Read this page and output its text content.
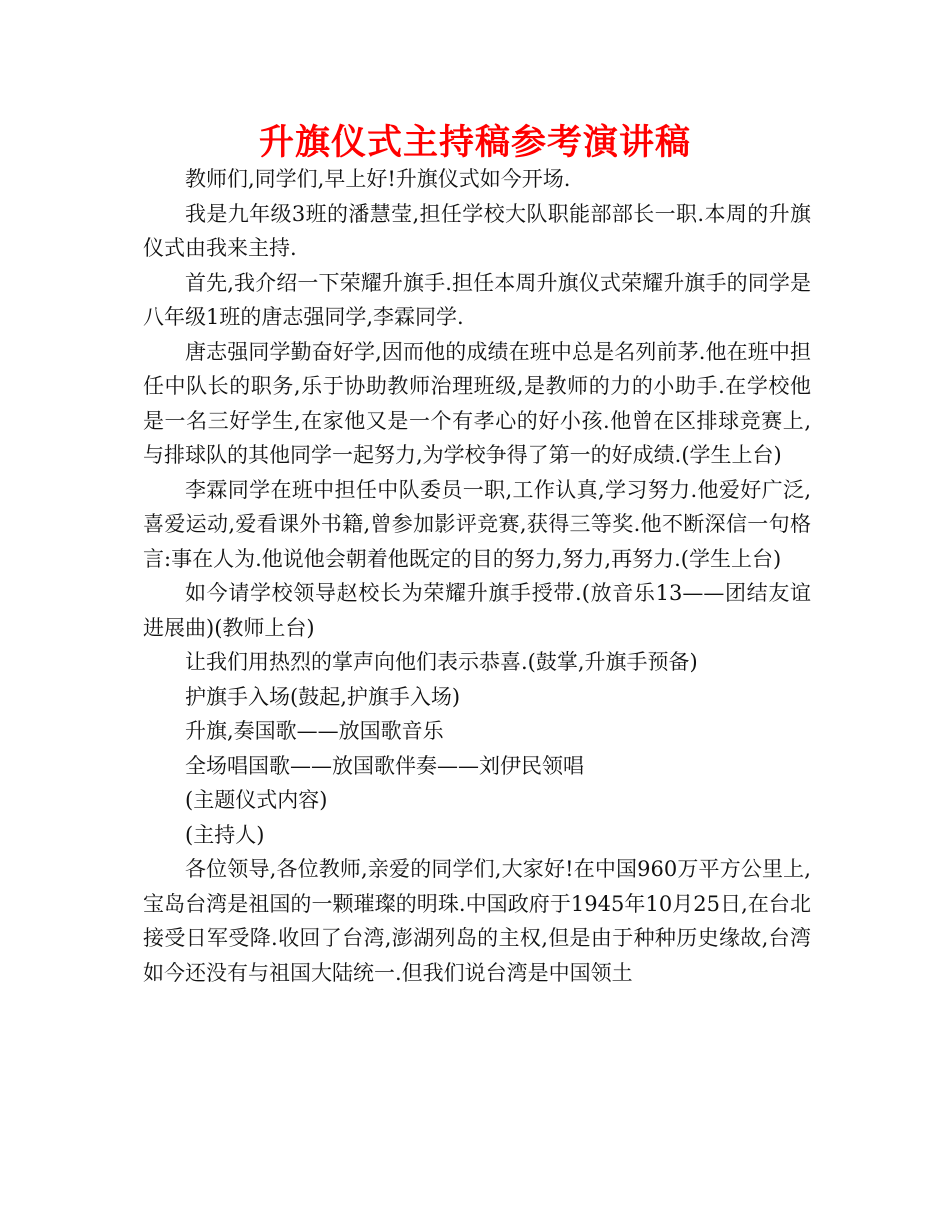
升旗仪式主持稿参考演讲稿

教师们,同学们,早上好!升旗仪式如今开场.

我是九年级3班的潘慧莹,担任学校大队职能部部长一职.本周的升旗仪式由我来主持.

首先,我介绍一下荣耀升旗手.担任本周升旗仪式荣耀升旗手的同学是八年级1班的唐志强同学,李霖同学.

唐志强同学勤奋好学,因而他的成绩在班中总是名列前茅.他在班中担任中队长的职务,乐于协助教师治理班级,是教师的力的小助手.在学校他是一名三好学生,在家他又是一个有孝心的好小孩.他曾在区排球竞赛上,与排球队的其他同学一起努力,为学校争得了第一的好成绩.(学生上台)

李霖同学在班中担任中队委员一职,工作认真,学习努力.他爱好广泛,喜爱运动,爱看课外书籍,曾参加影评竞赛,获得三等奖.他不断深信一句格言:事在人为.他说他会朝着他既定的目的努力,努力,再努力.(学生上台)

如今请学校领导赵校长为荣耀升旗手授带.(放音乐13——团结友谊进展曲)(教师上台)

让我们用热烈的掌声向他们表示恭喜.(鼓掌,升旗手预备)

护旗手入场(鼓起,护旗手入场)

升旗,奏国歌——放国歌音乐

全场唱国歌——放国歌伴奏——刘伊民领唱

(主题仪式内容)

(主持人)

各位领导,各位教师,亲爱的同学们,大家好!在中国960万平方公里上,宝岛台湾是祖国的一颗璀璨的明珠.中国政府于1945年10月25日,在台北接受日军受降.收回了台湾,澎湖列岛的主权,但是由于种种历史缘故,台湾如今还没有与祖国大陆统一.但我们说台湾是中国领土
